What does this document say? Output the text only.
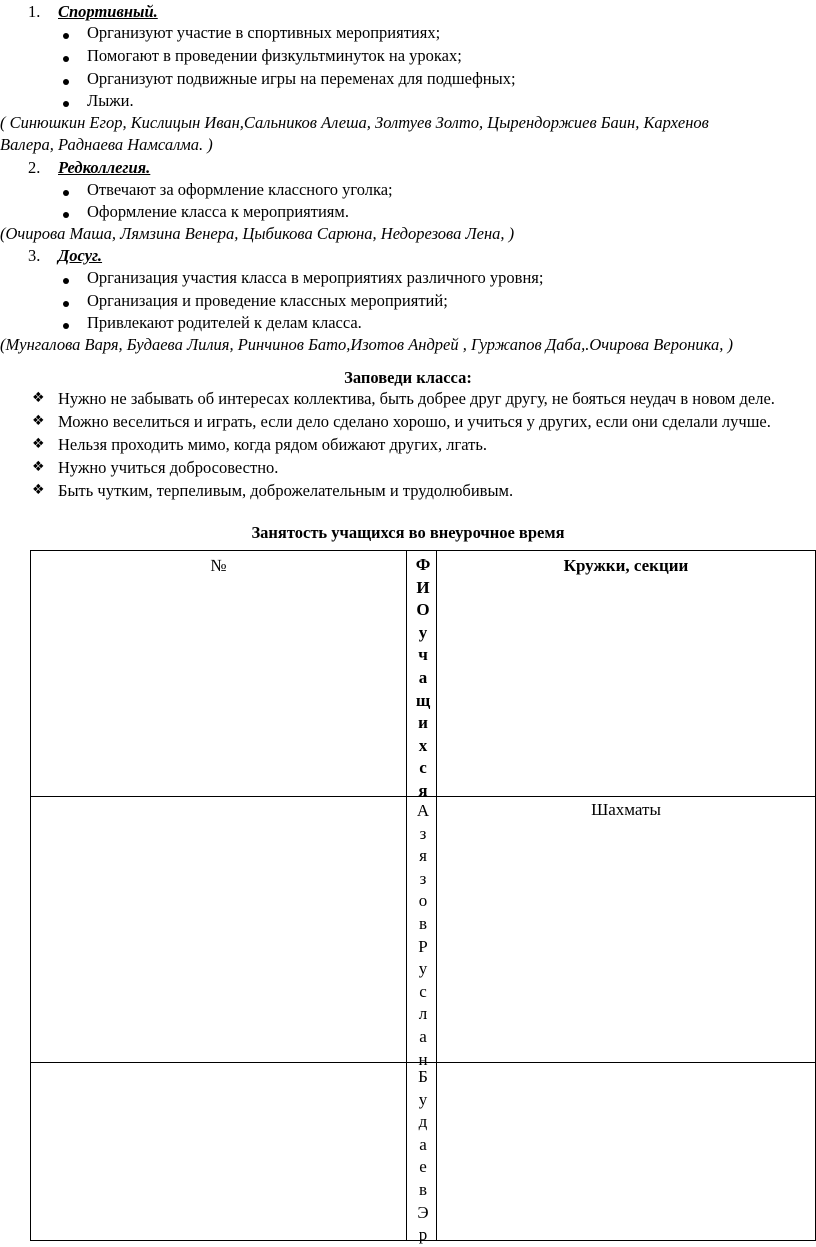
1. Спортивный.
Организуют участие в спортивных мероприятиях;
Помогают в проведении физкультминуток на уроках;
Организуют подвижные игры на переменах для подшефных;
Лыжи.
( Синюшкин Егор, Кислицын Иван,Сальников Алеша, Золтуев Золто, Цырендоржиев Баин, Кархенов
Валера, Раднаева Намсалма. )
2. Редколлегия.
Отвечают за оформление классного уголка;
Оформление класса к мероприятиям.
(Очирова Маша, Лямзина Венера, Цыбикова Сарюна, Недорезова Лена, )
3. Досуг.
Организация участия класса в мероприятиях различного уровня;
Организация и проведение классных мероприятий;
Привлекают родителей к делам класса.
(Мунгалова Варя, Будаева Лилия, Ринчинов Бато,Изотов Андрей , Гуржапов Даба,.Очирова Вероника, )
Заповеди класса:
❖ Нужно не забывать об интересах коллектива, быть добрее друг другу, не бояться неудач в новом деле.
❖ Можно веселиться и играть, если дело сделано хорошо, и учиться у других, если они сделали лучше.
❖ Нельзя проходить мимо, когда рядом обижают других, лгать.
❖ Нужно учиться добросовестно.
❖ Быть чутким, терпеливым, доброжелательным и трудолюбивым.
Занятость учащихся во внеурочное время
№	Ф
И
О
у
ч
а
щ
и
х
с
я
Кружки, секции
А
з
я
з
о
в
Р
у
с
л
а
н
Шахматы
Б
у
д
а
е
в
Э
р
